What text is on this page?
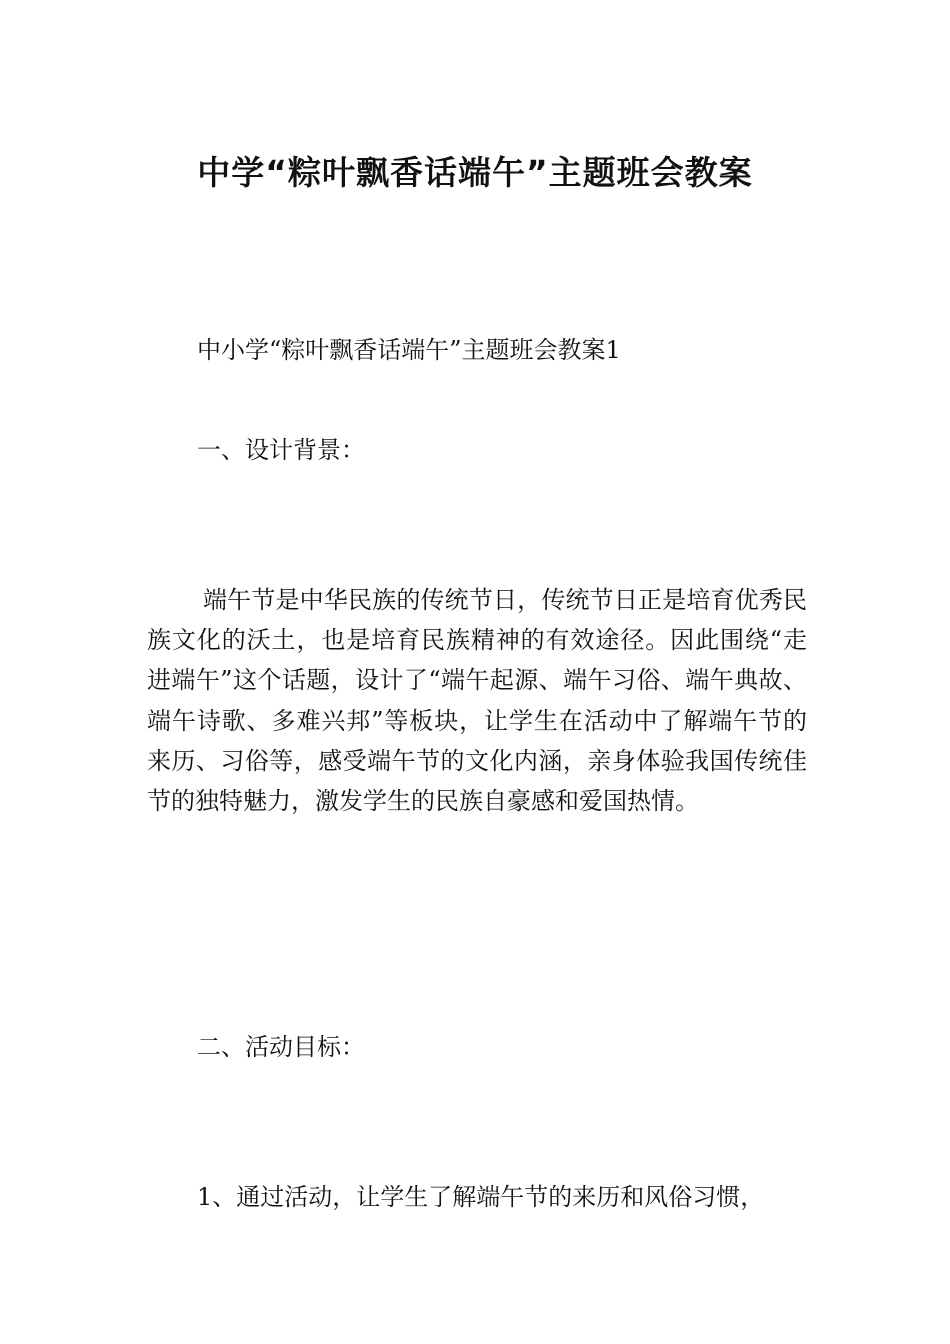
中学“粽叶飘香话端午”主题班会教案

中小学“粽叶飘香话端午”主题班会教案1

一、设计背景：

端午节是中华民族的传统节日，传统节日正是培育优秀民族文化的沃土，也是培育民族精神的有效途径。因此围绕“走进端午”这个话题，设计了“端午起源、端午习俗、端午典故、端午诗歌、多难兴邦”等板块，让学生在活动中了解端午节的来历、习俗等，感受端午节的文化内涵，亲身体验我国传统佳节的独特魅力，激发学生的民族自豪感和爱国热情。

二、活动目标：

1、通过活动，让学生了解端午节的来历和风俗习惯，
